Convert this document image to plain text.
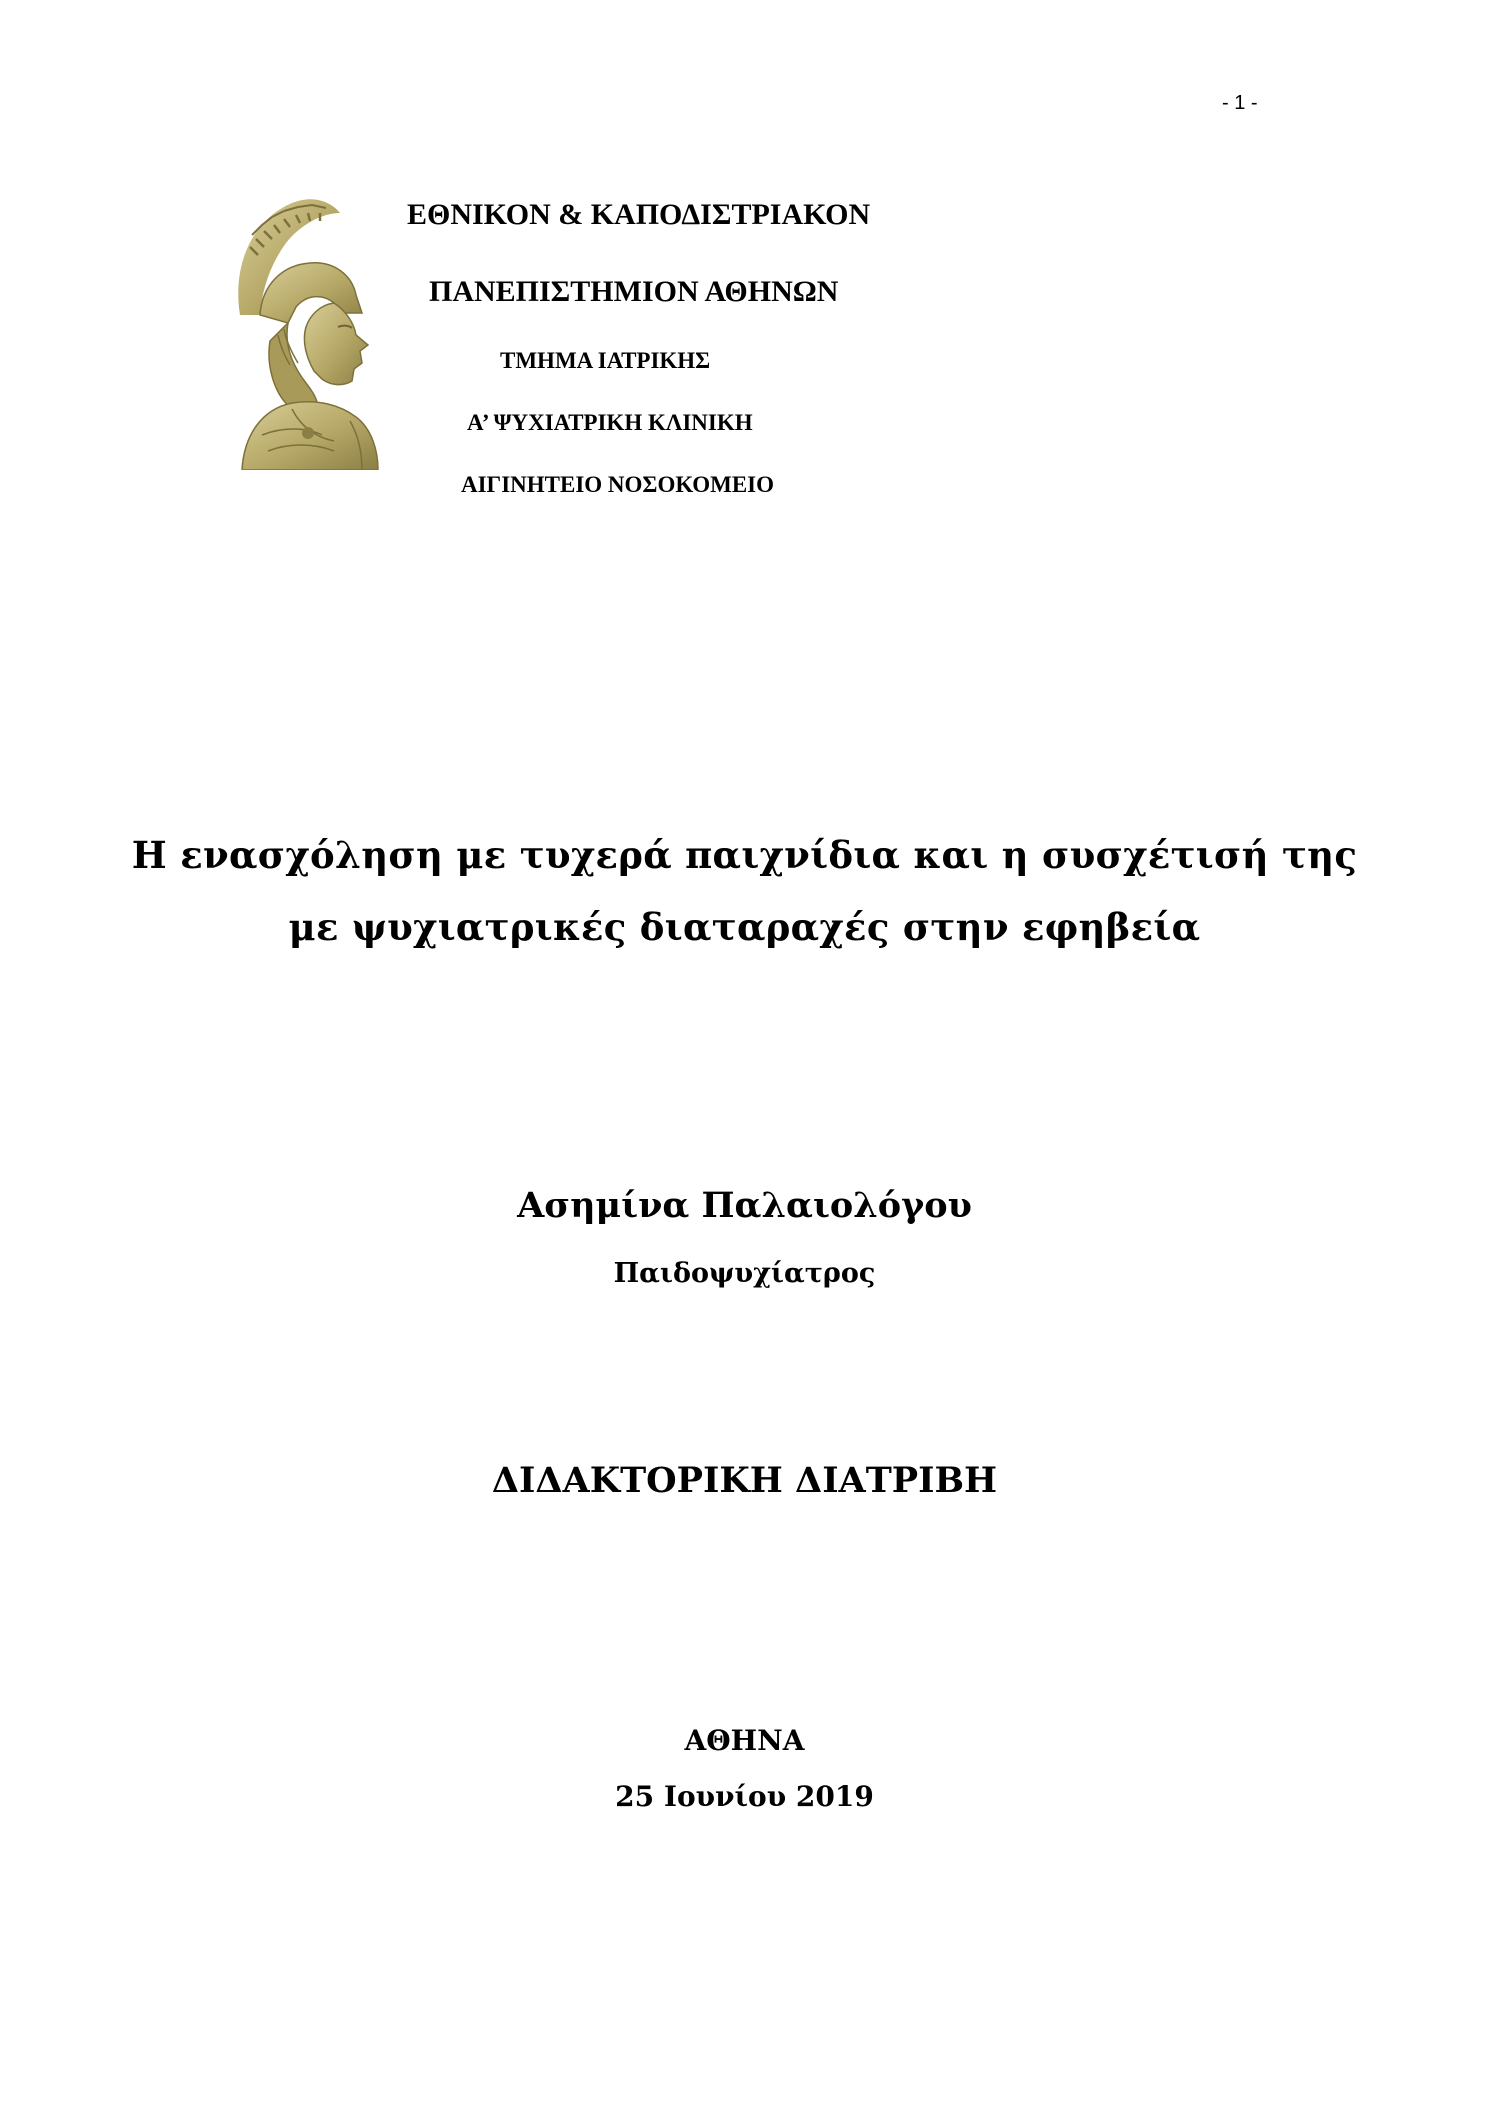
- 1 -
ΕΘΝΙΚΟΝ & ΚΑΠΟΔΙΣΤΡΙΑΚΟΝ
ΠΑΝΕΠΙΣΤΗΜΙΟΝ ΑΘΗΝΩΝ
ΤΜΗΜΑ ΙΑΤΡΙΚΗΣ
Α’ ΨΥΧΙΑΤΡΙΚΗ ΚΛΙΝΙΚΗ
ΑΙΓΙΝΗΤΕΙΟ ΝΟΣΟΚΟΜΕΙΟ
Η ενασχόληση με τυχερά παιχνίδια και η συσχέτισή της
με ψυχιατρικές διαταραχές στην εφηβεία
Ασημίνα Παλαιολόγου
Παιδοψυχίατρος
ΔΙΔΑΚΤΟΡΙΚΗ ΔΙΑΤΡΙΒΗ
ΑΘΗΝΑ
25 Ιουνίου 2019
